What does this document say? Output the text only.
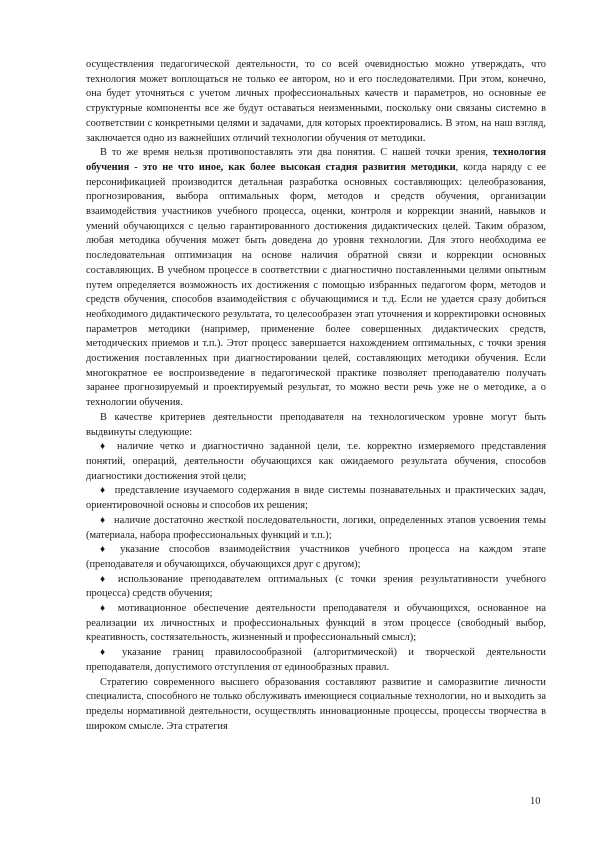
осуществления педагогической деятельности, то со всей очевидностью можно утверждать, что технология может воплощаться не только ее автором, но и его последователями. При этом, конечно, она будет уточняться с учетом личных профессиональных качеств и параметров, но основные ее структурные компоненты все же будут оставаться неизменными, поскольку они связаны системно в соответствии с конкретными целями и задачами, для которых проектировались. В этом, на наш взгляд, заключается одно из важнейших отличий технологии обучения от методики.

В то же время нельзя противопоставлять эти два понятия. С нашей точки зрения, технология обучения - это не что иное, как более высокая стадия развития методики, когда наряду с ее персонификацией производится детальная разработка основных составляющих: целеобразования, прогнозирования, выбора оптимальных форм, методов и средств обучения, организации взаимодействия участников учебного процесса, оценки, контроля и коррекции знаний, навыков и умений обучающихся с целью гарантированного достижения дидактических целей. Таким образом, любая методика обучения может быть доведена до уровня технологии. Для этого необходима ее последовательная оптимизация на основе наличия обратной связи и коррекции основных составляющих. В учебном процессе в соответствии с диагностично поставленными целями опытным путем определяется возможность их достижения с помощью избранных педагогом форм, методов и средств обучения, способов взаимодействия с обучающимися и т.д. Если не удается сразу добиться необходимого дидактического результата, то целесообразен этап уточнения и корректировки основных параметров методики (например, применение более совершенных дидактических средств, методических приемов и т.п.). Этот процесс завершается нахождением оптимальных, с точки зрения достижения поставленных при диагностировании целей, составляющих методики обучения. Если многократное ее воспроизведение в педагогической практике позволяет преподавателю получать заранее прогнозируемый и проектируемый результат, то можно вести речь уже не о методике, а о технологии обучения.

В качестве критериев деятельности преподавателя на технологическом уровне могут быть выдвинуты следующие:

♦ наличие четко и диагностично заданной цели, т.е. корректно измеряемого представления понятий, операций, деятельности обучающихся как ожидаемого результата обучения, способов диагностики достижения этой цели;

♦ представление изучаемого содержания в виде системы познавательных и практических задач, ориентировочной основы и способов их решения;

♦ наличие достаточно жесткой последовательности, логики, определенных этапов усвоения темы (материала, набора профессиональных функций и т.п.);

♦ указание способов взаимодействия участников учебного процесса на каждом этапе (преподавателя и обучающихся, обучающихся друг с другом);

♦ использование преподавателем оптимальных (с точки зрения результативности учебного процесса) средств обучения;

♦ мотивационное обеспечение деятельности преподавателя и обучающихся, основанное на реализации их личностных и профессиональных функций в этом процессе (свободный выбор, креативность, состязательность, жизненный и профессиональный смысл);

♦ указание границ правилосообразной (алгоритмической) и творческой деятельности преподавателя, допустимого отступления от единообразных правил.

Стратегию современного высшего образования составляют развитие и саморазвитие личности специалиста, способного не только обслуживать имеющиеся социальные технологии, но и выходить за пределы нормативной деятельности, осуществлять инновационные процессы, процессы творчества в широком смысле. Эта стратегия

10
